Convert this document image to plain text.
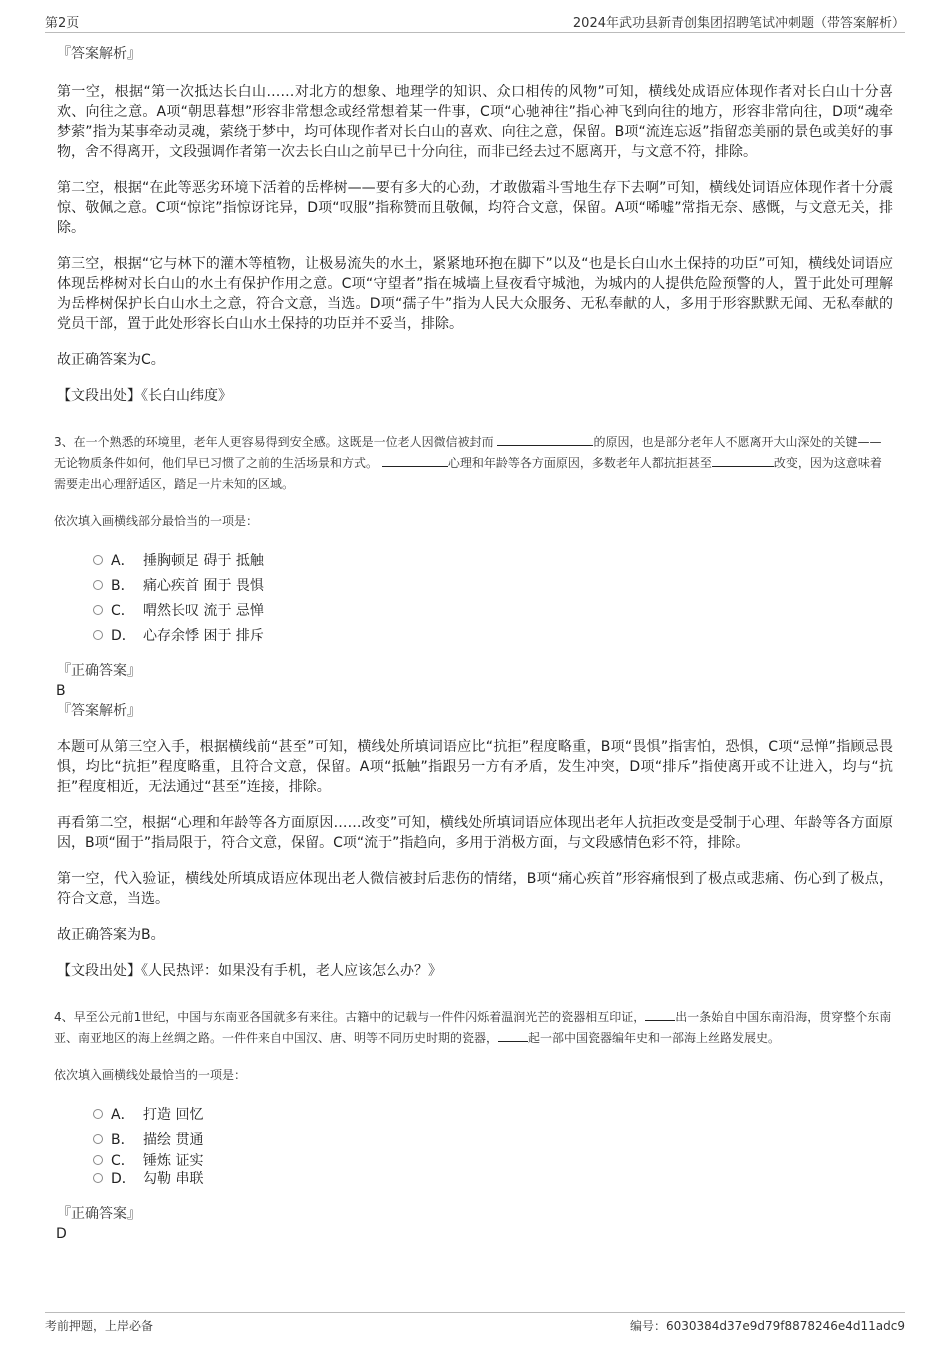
第2页	2024年武功县新青创集团招聘笔试冲刺题（带答案解析）
『答案解析』

第一空，根据“第一次抵达长白山……对北方的想象、地理学的知识、众口相传的风物”可知，横线处成语应体现作者对长白山十分喜欢、向往之意。A项“朝思暮想”形容非常想念或经常想着某一件事，C项“心驰神往”指心神飞到向往的地方，形容非常向往，D项“魂牵梦萦”指为某事牵动灵魂，萦绕于梦中，均可体现作者对长白山的喜欢、向往之意，保留。B项“流连忘返”指留恋美丽的景色或美好的事物，舍不得离开，文段强调作者第一次去长白山之前早已十分向往，而非已经去过不愿离开，与文意不符，排除。

第二空，根据“在此等恶劣环境下活着的岳桦树——要有多大的心劲，才敢傲霜斗雪地生存下去啊”可知，横线处词语应体现作者十分震惊、敬佩之意。C项“惊诧”指惊讶诧异，D项“叹服”指称赞而且敬佩，均符合文意，保留。A项“唏嘘”常指无奈、感慨，与文意无关，排除。

第三空，根据“它与林下的灌木等植物，让极易流失的水土，紧紧地环抱在脚下”以及“也是长白山水土保持的功臣”可知，横线处词语应体现岳桦树对长白山的水土有保护作用之意。C项“守望者”指在城墙上昼夜看守城池，为城内的人提供危险预警的人，置于此处可理解为岳桦树保护长白山水土之意，符合文意，当选。D项“孺子牛”指为人民大众服务、无私奉献的人，多用于形容默默无闻、无私奉献的党员干部，置于此处形容长白山水土保持的功臣并不妥当，排除。

故正确答案为C。

【文段出处】《长白山纬度》
3、在一个熟悉的环境里，老年人更容易得到安全感。这既是一位老人因微信被封而	的原因，也是部分老年人不愿离开大山深处的关键——无论物质条件如何，他们早已习惯了之前的生活场景和方式。	心理和年龄等各方面原因，多数老年人都抗拒甚至	改变，因为这意味着需要走出心理舒适区，踏足一片未知的区域。
依次填入画横线部分最恰当的一项是：
A． 捶胸顿足 碍于 抵触
B． 痛心疾首 囿于 畏惧
C． 喟然长叹 流于 忌惮
D． 心存余悸 困于 排斥
『正确答案』
B
『答案解析』

本题可从第三空入手，根据横线前“甚至”可知，横线处所填词语应比“抗拒”程度略重，B项“畏惧”指害怕，恐惧，C项“忌惮”指顾忌畏惧，均比“抗拒”程度略重，且符合文意，保留。A项“抵触”指跟另一方有矛盾，发生冲突，D项“排斥”指使离开或不让进入，均与“抗拒”程度相近，无法通过“甚至”连接，排除。

再看第二空，根据“心理和年龄等各方面原因……改变”可知，横线处所填词语应体现出老年人抗拒改变是受制于心理、年龄等各方面原因，B项“囿于”指局限于，符合文意，保留。C项“流于”指趋向，多用于消极方面，与文段感情色彩不符，排除。

第一空，代入验证，横线处所填成语应体现出老人微信被封后悲伤的情绪，B项“痛心疾首”形容痛恨到了极点或悲痛、伤心到了极点，符合文意，当选。

故正确答案为B。

【文段出处】《人民热评：如果没有手机，老人应该怎么办？》
4、早至公元前1世纪，中国与东南亚各国就多有来往。古籍中的记载与一件件闪烁着温润光芒的瓷器相互印证，	出一条始自中国东南沿海，贯穿整个东南亚、南亚地区的海上丝绸之路。一件件来自中国汉、唐、明等不同历史时期的瓷器，	起一部中国瓷器编年史和一部海上丝路发展史。
依次填入画横线处最恰当的一项是：
A． 打造 回忆
B． 描绘 贯通
C． 锤炼 证实
D． 勾勒 串联
『正确答案』
D
考前押题，上岸必备	编号：6030384d37e9d79f8878246e4d11adc9
